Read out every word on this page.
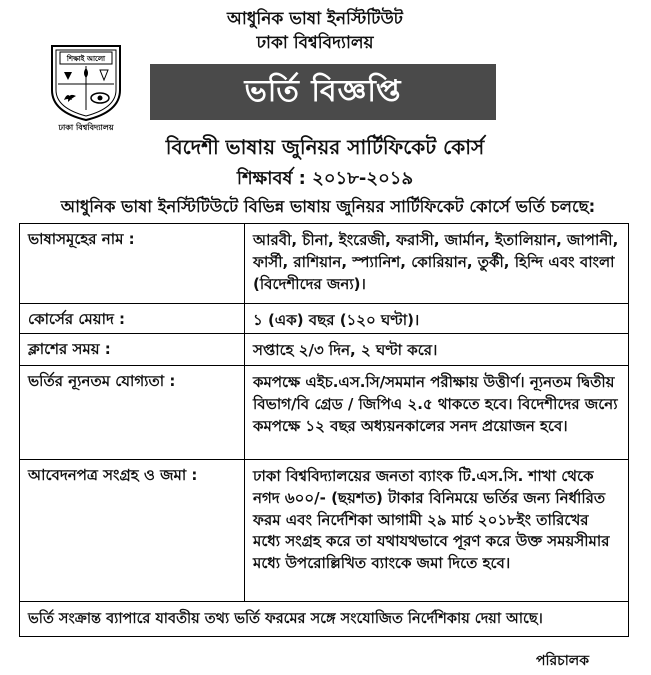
আধুনিক ভাষা ইনস্টিটিউট
ঢাকা বিশ্ববিদ্যালয়
শিক্ষাই আলো
ঢাকা বিশ্ববিদ্যালয়
ভর্তি বিজ্ঞপ্তি
বিদেশী ভাষায় জুনিয়র সার্টিফিকেট কোর্স
শিক্ষাবর্ষ : ২০১৮-২০১৯
আধুনিক ভাষা ইনস্টিটিউটে বিভিন্ন ভাষায় জুনিয়র সার্টিফিকেট কোর্সে ভর্তি চলছে:
ভাষাসমূহের নাম :	আরবী, চীনা, ইংরেজী, ফরাসী, জার্মান, ইতালিয়ান, জাপানী, ফার্সী, রাশিয়ান, স্প্যানিশ, কোরিয়ান, তুর্কী, হিন্দি এবং বাংলা (বিদেশীদের জন্য)।
কোর্সের মেয়াদ :	১ (এক) বছর (১২০ ঘণ্টা)।
ক্লাশের সময় :	সপ্তাহে ২/৩ দিন, ২ ঘণ্টা করে।
ভর্তির ন্যূনতম যোগ্যতা :	কমপক্ষে এইচ.এস.সি/সমমান পরীক্ষায় উত্তীর্ণ। ন্যূনতম দ্বিতীয় বিভাগ/বি গ্রেড / জিপিএ ২.৫ থাকতে হবে। বিদেশীদের জন্যে কমপক্ষে ১২ বছর অধ্যয়নকালের সনদ প্রয়োজন হবে।
আবেদনপত্র সংগ্রহ ও জমা :	ঢাকা বিশ্ববিদ্যালয়ের জনতা ব্যাংক টি.এস.সি. শাখা থেকে নগদ ৬০০/- (ছয়শত) টাকার বিনিময়ে ভর্তির জন্য নির্ধারিত ফরম এবং নির্দেশিকা আগামী ২৯ মার্চ ২০১৮ইং তারিখের মধ্যে সংগ্রহ করে তা যথাযথভাবে পূরণ করে উক্ত সময়সীমার মধ্যে উপরোল্লিখিত ব্যাংকে জমা দিতে হবে।
ভর্তি সংক্রান্ত ব্যাপারে যাবতীয় তথ্য ভর্তি ফরমের সঙ্গে সংযোজিত নির্দেশিকায় দেয়া আছে।
পরিচালক
